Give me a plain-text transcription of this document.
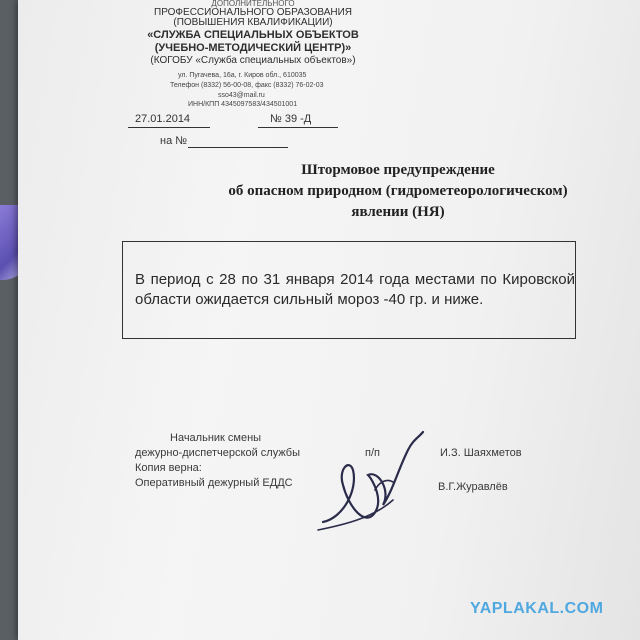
ДОПОЛНИТЕЛЬНОГО
ПРОФЕССИОНАЛЬНОГО ОБРАЗОВАНИЯ
(ПОВЫШЕНИЯ КВАЛИФИКАЦИИ)
«СЛУЖБА СПЕЦИАЛЬНЫХ ОБЪЕКТОВ
(УЧЕБНО-МЕТОДИЧЕСКИЙ ЦЕНТР)»
(КОГОБУ «Служба специальных объектов»)
ул. Пугачева, 16а, г. Киров обл., 610035
Телефон (8332) 56-00-08, факс (8332) 76-02-03
sso43@mail.ru
ИНН/КПП 4345097583/434501001
27.01.2014	№ 39 -Д
на №
Штормовое предупреждение
об опасном природном (гидрометеорологическом)
явлении (НЯ)
В период с 28 по 31 января 2014 года местами по Кировской области ожидается сильный мороз -40 гр. и ниже.
Начальник смены
дежурно-диспетчерской службы	п/п	И.З. Шаяхметов
Копия верна:
Оперативный дежурный ЕДДС	В.Г.Журавлёв
YAPLAKAL.COM
